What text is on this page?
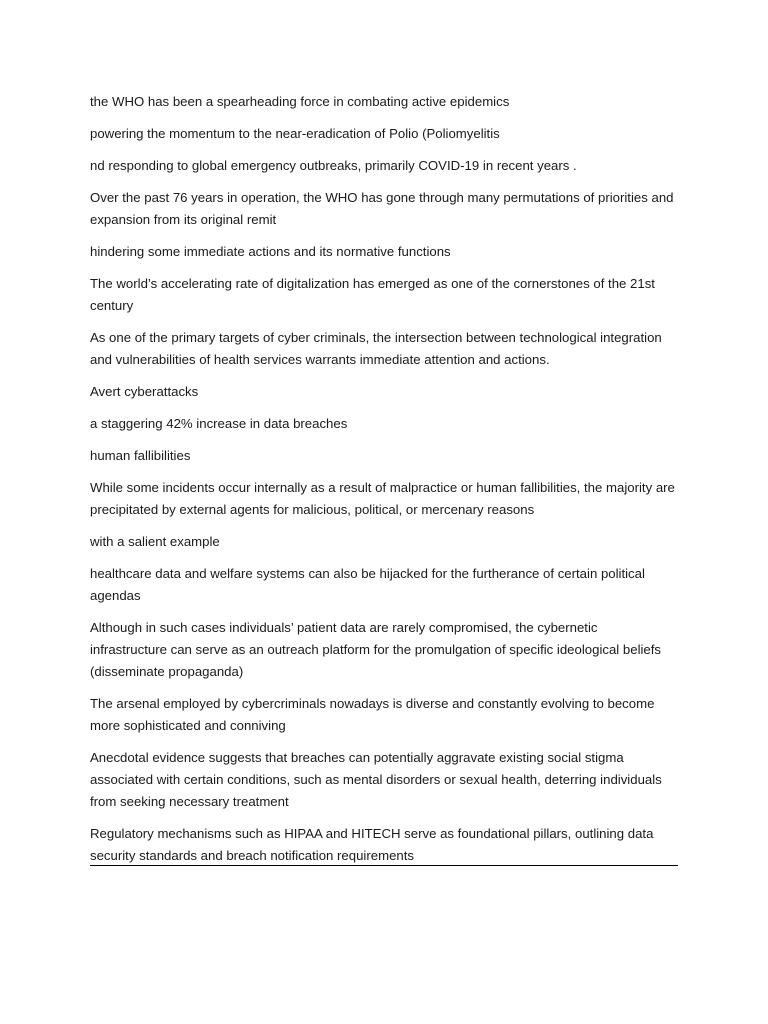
the WHO has been a spearheading force in combating active epidemics

powering the momentum to the near-eradication of Polio (Poliomyelitis

nd responding to global emergency outbreaks, primarily COVID-19 in recent years .

Over the past 76 years in operation, the WHO has gone through many permutations of priorities and expansion from its original remit

hindering some immediate actions and its normative functions

The world’s accelerating rate of digitalization has emerged as one of the cornerstones of the 21st century

As one of the primary targets of cyber criminals, the intersection between technological integration and vulnerabilities of health services warrants immediate attention and actions.

Avert cyberattacks

a staggering 42% increase in data breaches

human fallibilities

While some incidents occur internally as a result of malpractice or human fallibilities, the majority are precipitated by external agents for malicious, political, or mercenary reasons

with a salient example

healthcare data and welfare systems can also be hijacked for the furtherance of certain political agendas

Although in such cases individuals’ patient data are rarely compromised, the cybernetic infrastructure can serve as an outreach platform for the promulgation of specific ideological beliefs (disseminate propaganda)

The arsenal employed by cybercriminals nowadays is diverse and constantly evolving to become more sophisticated and conniving

Anecdotal evidence suggests that breaches can potentially aggravate existing social stigma associated with certain conditions, such as mental disorders or sexual health, deterring individuals from seeking necessary treatment

Regulatory mechanisms such as HIPAA and HITECH serve as foundational pillars, outlining data security standards and breach notification requirements
